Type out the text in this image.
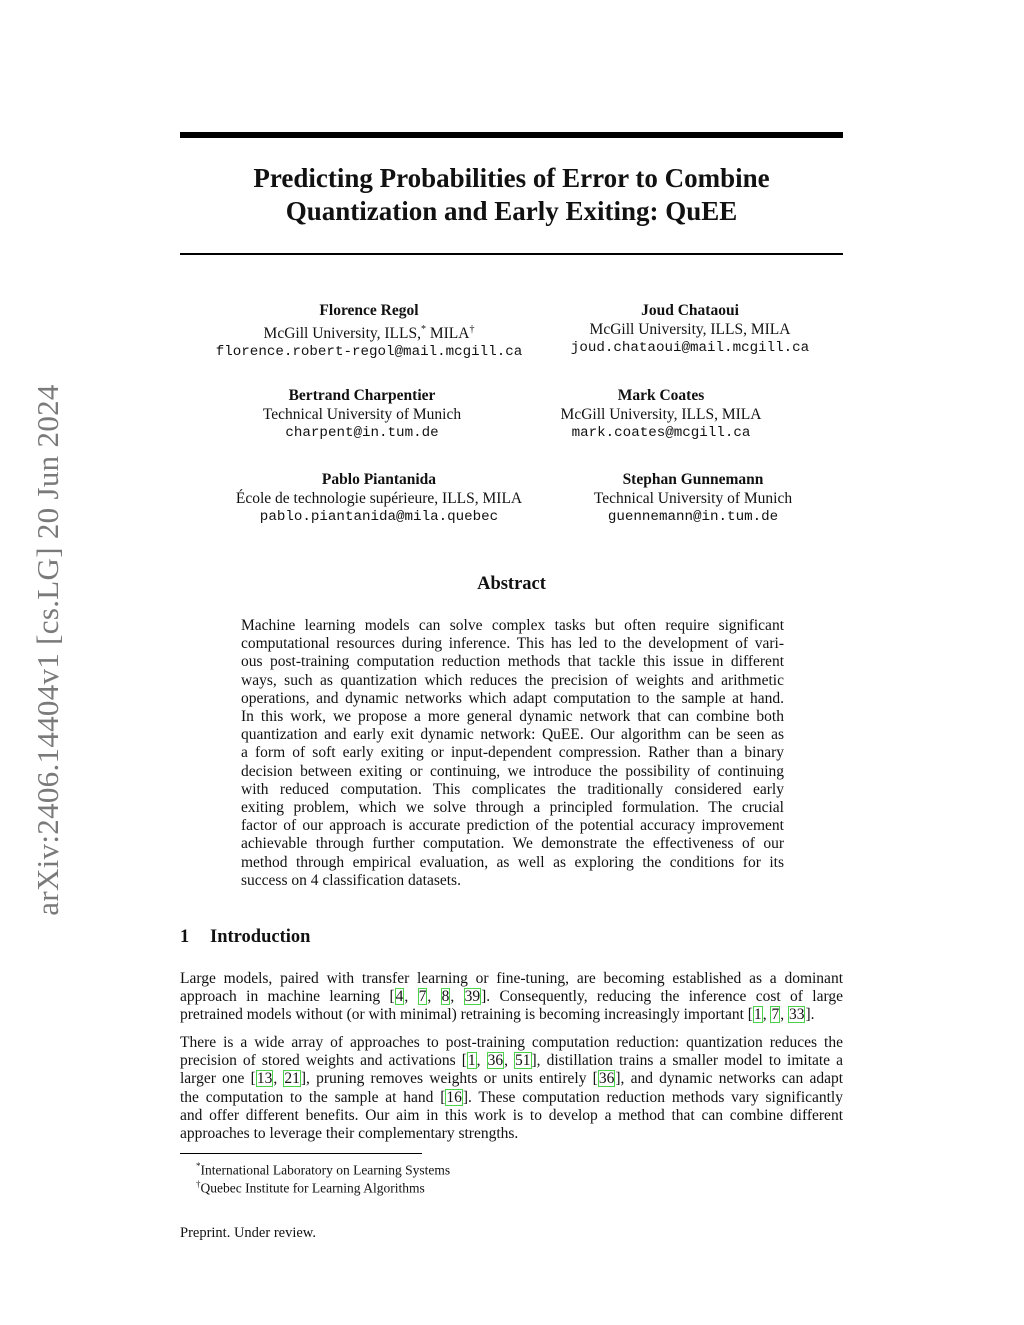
arXiv:2406.14404v1 [cs.LG] 20 Jun 2024
Predicting Probabilities of Error to Combine
Quantization and Early Exiting: QuEE
Florence Regol
McGill University, ILLS,* MILA†
florence.robert-regol@mail.mcgill.ca
Joud Chataoui
McGill University, ILLS, MILA
joud.chataoui@mail.mcgill.ca
Bertrand Charpentier
Technical University of Munich
charpent@in.tum.de
Mark Coates
McGill University, ILLS, MILA
mark.coates@mcgill.ca
Pablo Piantanida
École de technologie supérieure, ILLS, MILA
pablo.piantanida@mila.quebec
Stephan Gunnemann
Technical University of Munich
guennemann@in.tum.de
Abstract
Machine learning models can solve complex tasks but often require significant
computational resources during inference. This has led to the development of vari-
ous post-training computation reduction methods that tackle this issue in different
ways, such as quantization which reduces the precision of weights and arithmetic
operations, and dynamic networks which adapt computation to the sample at hand.
In this work, we propose a more general dynamic network that can combine both
quantization and early exit dynamic network: QuEE. Our algorithm can be seen as
a form of soft early exiting or input-dependent compression. Rather than a binary
decision between exiting or continuing, we introduce the possibility of continuing
with reduced computation. This complicates the traditionally considered early
exiting problem, which we solve through a principled formulation. The crucial
factor of our approach is accurate prediction of the potential accuracy improvement
achievable through further computation. We demonstrate the effectiveness of our
method through empirical evaluation, as well as exploring the conditions for its
success on 4 classification datasets.
1 Introduction
Large models, paired with transfer learning or fine-tuning, are becoming established as a dominant
approach in machine learning [4, 7, 8, 39]. Consequently, reducing the inference cost of large
pretrained models without (or with minimal) retraining is becoming increasingly important [1, 7, 33].
There is a wide array of approaches to post-training computation reduction: quantization reduces the
precision of stored weights and activations [1, 36, 51], distillation trains a smaller model to imitate a
larger one [13, 21], pruning removes weights or units entirely [36], and dynamic networks can adapt
the computation to the sample at hand [16]. These computation reduction methods vary significantly
and offer different benefits. Our aim in this work is to develop a method that can combine different
approaches to leverage their complementary strengths.
*International Laboratory on Learning Systems
†Quebec Institute for Learning Algorithms
Preprint. Under review.
